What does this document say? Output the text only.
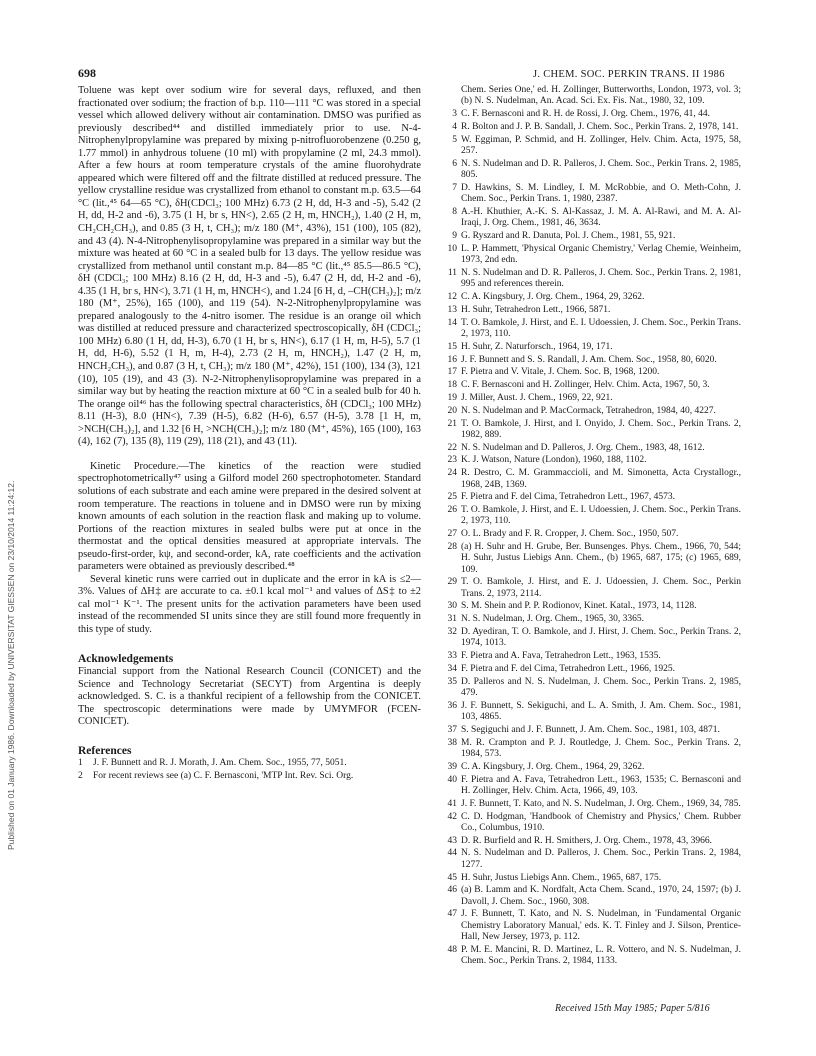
Published on 01 January 1986. Downloaded by UNIVERSITAT GIESSEN on 23/10/2014 11:24:12.
698	J. CHEM. SOC. PERKIN TRANS. II 1986

Toluene was kept over sodium wire for several days, refluxed, and then fractionated over sodium; the fraction of b.p. 110—111 °C was stored in a special vessel which allowed delivery without air contamination. DMSO was purified as previously described⁴⁴ and distilled immediately prior to use. N-4-Nitrophenylpropylamine was prepared by mixing p-nitrofluorobenzene (0.250 g, 1.77 mmol) in anhydrous toluene (10 ml) with propylamine (2 ml, 24.3 mmol). After a few hours at room temperature crystals of the amine fluorohydrate appeared which were filtered off and the filtrate distilled at reduced pressure. The yellow crystalline residue was crystallized from ethanol to constant m.p. 63.5—64 °C (lit.,⁴⁵ 64—65 °C), δH(CDCl₃; 100 MHz) 6.73 (2 H, dd, H-3 and -5), 5.42 (2 H, dd, H-2 and -6), 3.75 (1 H, br s, HN<), 2.65 (2 H, m, HNCH₂), 1.40 (2 H, m, CH₂CH₂CH₃), and 0.85 (3 H, t, CH₃); m/z 180 (M⁺, 43%), 151 (100), 105 (82), and 43 (4). N-4-Nitrophenylisopropylamine was prepared in a similar way but the mixture was heated at 60 °C in a sealed bulb for 13 days. The yellow residue was crystallized from methanol until constant m.p. 84—85 °C (lit.,⁴⁵ 85.5—86.5 °C), δH (CDCl₃; 100 MHz) 8.16 (2 H, dd, H-3 and -5), 6.47 (2 H, dd, H-2 and -6), 4.35 (1 H, br s, HN<), 3.71 (1 H, m, HNCH<), and 1.24 [6 H, d, –CH(CH₃)₂]; m/z 180 (M⁺, 25%), 165 (100), and 119 (54). N-2-Nitrophenylpropylamine was prepared analogously to the 4-nitro isomer. The residue is an orange oil which was distilled at reduced pressure and characterized spectroscopically, δH (CDCl₃; 100 MHz) 6.80 (1 H, dd, H-3), 6.70 (1 H, br s, HN<), 6.17 (1 H, m, H-5), 5.7 (1 H, dd, H-6), 5.52 (1 H, m, H-4), 2.73 (2 H, m, HNCH₂), 1.47 (2 H, m, HNCH₂CH₃), and 0.87 (3 H, t, CH₃); m/z 180 (M⁺, 42%), 151 (100), 134 (3), 121 (10), 105 (19), and 43 (3). N-2-Nitrophenylisopropylamine was prepared in a similar way but by heating the reaction mixture at 60 °C in a sealed bulb for 40 h. The orange oil⁴⁶ has the following spectral characteristics, δH (CDCl₃; 100 MHz) 8.11 (H-3), 8.0 (HN<), 7.39 (H-5), 6.82 (H-6), 6.57 (H-5), 3.78 [1 H, m, >NCH(CH₃)₂], and 1.32 [6 H, >NCH(CH₃)₂]; m/z 180 (M⁺, 45%), 165 (100), 163 (4), 162 (7), 135 (8), 119 (29), 118 (21), and 43 (11).

Kinetic Procedure.—The kinetics of the reaction were studied spectrophotometrically⁴⁷ using a Gilford model 260 spectrophotometer. Standard solutions of each substrate and each amine were prepared in the desired solvent at room temperature. The reactions in toluene and in DMSO were run by mixing known amounts of each solution in the reaction flask and making up to volume. Portions of the reaction mixtures in sealed bulbs were put at once in the thermostat and the optical densities measured at appropriate intervals. The pseudo-first-order, kψ, and second-order, kA, rate coefficients and the activation parameters were obtained as previously described.⁴⁸

Several kinetic runs were carried out in duplicate and the error in kA is ≤2—3%. Values of ΔH‡ are accurate to ca. ±0.1 kcal mol⁻¹ and values of ΔS‡ to ±2 cal mol⁻¹ K⁻¹. The present units for the activation parameters have been used instead of the recommended SI units since they are still found more frequently in this type of study.

Acknowledgements

Financial support from the National Research Council (CONICET) and the Science and Technology Secretariat (SECYT) from Argentina is deeply acknowledged. S. C. is a thankful recipient of a fellowship from the CONICET. The spectroscopic determinations were made by UMYMFOR (FCEN-CONICET).

References
1	J. F. Bunnett and R. J. Morath, J. Am. Chem. Soc., 1955, 77, 5051.
2	For recent reviews see (a) C. F. Bernasconi, 'MTP Int. Rev. Sci. Org.
Chem. Series One,' ed. H. Zollinger, Butterworths, London, 1973, vol. 3; (b) N. S. Nudelman, An. Acad. Sci. Ex. Fis. Nat., 1980, 32, 109.
3 C. F. Bernasconi and R. H. de Rossi, J. Org. Chem., 1976, 41, 44.
4 R. Bolton and J. P. B. Sandall, J. Chem. Soc., Perkin Trans. 2, 1978, 141.
5 W. Eggiman, P. Schmid, and H. Zollinger, Helv. Chim. Acta, 1975, 58, 257.
6 N. S. Nudelman and D. R. Palleros, J. Chem. Soc., Perkin Trans. 2, 1985, 805.
7 D. Hawkins, S. M. Lindley, I. M. McRobbie, and O. Meth-Cohn, J. Chem. Soc., Perkin Trans. 1, 1980, 2387.
8 A.-H. Khuthier, A.-K. S. Al-Kassaz, J. M. A. Al-Rawi, and M. A. Al-Iraqi, J. Org. Chem., 1981, 46, 3634.
9 G. Ryszard and R. Danuta, Pol. J. Chem., 1981, 55, 921.
10 L. P. Hammett, 'Physical Organic Chemistry,' Verlag Chemie, Weinheim, 1973, 2nd edn.
11 N. S. Nudelman and D. R. Palleros, J. Chem. Soc., Perkin Trans. 2, 1981, 995 and references therein.
12 C. A. Kingsbury, J. Org. Chem., 1964, 29, 3262.
13 H. Suhr, Tetrahedron Lett., 1966, 5871.
14 T. O. Bamkole, J. Hirst, and E. I. Udoessien, J. Chem. Soc., Perkin Trans. 2, 1973, 110.
15 H. Suhr, Z. Naturforsch., 1964, 19, 171.
16 J. F. Bunnett and S. S. Randall, J. Am. Chem. Soc., 1958, 80, 6020.
17 F. Pietra and V. Vitale, J. Chem. Soc. B, 1968, 1200.
18 C. F. Bernasconi and H. Zollinger, Helv. Chim. Acta, 1967, 50, 3.
19 J. Miller, Aust. J. Chem., 1969, 22, 921.
20 N. S. Nudelman and P. MacCormack, Tetrahedron, 1984, 40, 4227.
21 T. O. Bamkole, J. Hirst, and I. Onyido, J. Chem. Soc., Perkin Trans. 2, 1982, 889.
22 N. S. Nudelman and D. Palleros, J. Org. Chem., 1983, 48, 1612.
23 K. J. Watson, Nature (London), 1960, 188, 1102.
24 R. Destro, C. M. Grammaccioli, and M. Simonetta, Acta Crystallogr., 1968, 24B, 1369.
25 F. Pietra and F. del Cima, Tetrahedron Lett., 1967, 4573.
26 T. O. Bamkole, J. Hirst, and E. I. Udoessien, J. Chem. Soc., Perkin Trans. 2, 1973, 110.
27 O. L. Brady and F. R. Cropper, J. Chem. Soc., 1950, 507.
28 (a) H. Suhr and H. Grube, Ber. Bunsenges. Phys. Chem., 1966, 70, 544; H. Suhr, Justus Liebigs Ann. Chem., (b) 1965, 687, 175; (c) 1965, 689, 109.
29 T. O. Bamkole, J. Hirst, and E. J. Udoessien, J. Chem. Soc., Perkin Trans. 2, 1973, 2114.
30 S. M. Shein and P. P. Rodionov, Kinet. Katal., 1973, 14, 1128.
31 N. S. Nudelman, J. Org. Chem., 1965, 30, 3365.
32 D. Ayediran, T. O. Bamkole, and J. Hirst, J. Chem. Soc., Perkin Trans. 2, 1974, 1013.
33 F. Pietra and A. Fava, Tetrahedron Lett., 1963, 1535.
34 F. Pietra and F. del Cima, Tetrahedron Lett., 1966, 1925.
35 D. Palleros and N. S. Nudelman, J. Chem. Soc., Perkin Trans. 2, 1985, 479.
36 J. F. Bunnett, S. Sekiguchi, and L. A. Smith, J. Am. Chem. Soc., 1981, 103, 4865.
37 S. Segiguchi and J. F. Bunnett, J. Am. Chem. Soc., 1981, 103, 4871.
38 M. R. Crampton and P. J. Routledge, J. Chem. Soc., Perkin Trans. 2, 1984, 573.
39 C. A. Kingsbury, J. Org. Chem., 1964, 29, 3262.
40 F. Pietra and A. Fava, Tetrahedron Lett., 1963, 1535; C. Bernasconi and H. Zollinger, Helv. Chim. Acta, 1966, 49, 103.
41 J. F. Bunnett, T. Kato, and N. S. Nudelman, J. Org. Chem., 1969, 34, 785.
42 C. D. Hodgman, 'Handbook of Chemistry and Physics,' Chem. Rubber Co., Columbus, 1910.
43 D. R. Burfield and R. H. Smithers, J. Org. Chem., 1978, 43, 3966.
44 N. S. Nudelman and D. Palleros, J. Chem. Soc., Perkin Trans. 2, 1984, 1277.
45 H. Suhr, Justus Liebigs Ann. Chem., 1965, 687, 175.
46 (a) B. Lamm and K. Nordfalt, Acta Chem. Scand., 1970, 24, 1597; (b) J. Davoll, J. Chem. Soc., 1960, 308.
47 J. F. Bunnett, T. Kato, and N. S. Nudelman, in 'Fundamental Organic Chemistry Laboratory Manual,' eds. K. T. Finley and J. Silson, Prentice-Hall, New Jersey, 1973, p. 112.
48 P. M. E. Mancini, R. D. Martinez, L. R. Vottero, and N. S. Nudelman, J. Chem. Soc., Perkin Trans. 2, 1984, 1133.
Received 15th May 1985; Paper 5/816
